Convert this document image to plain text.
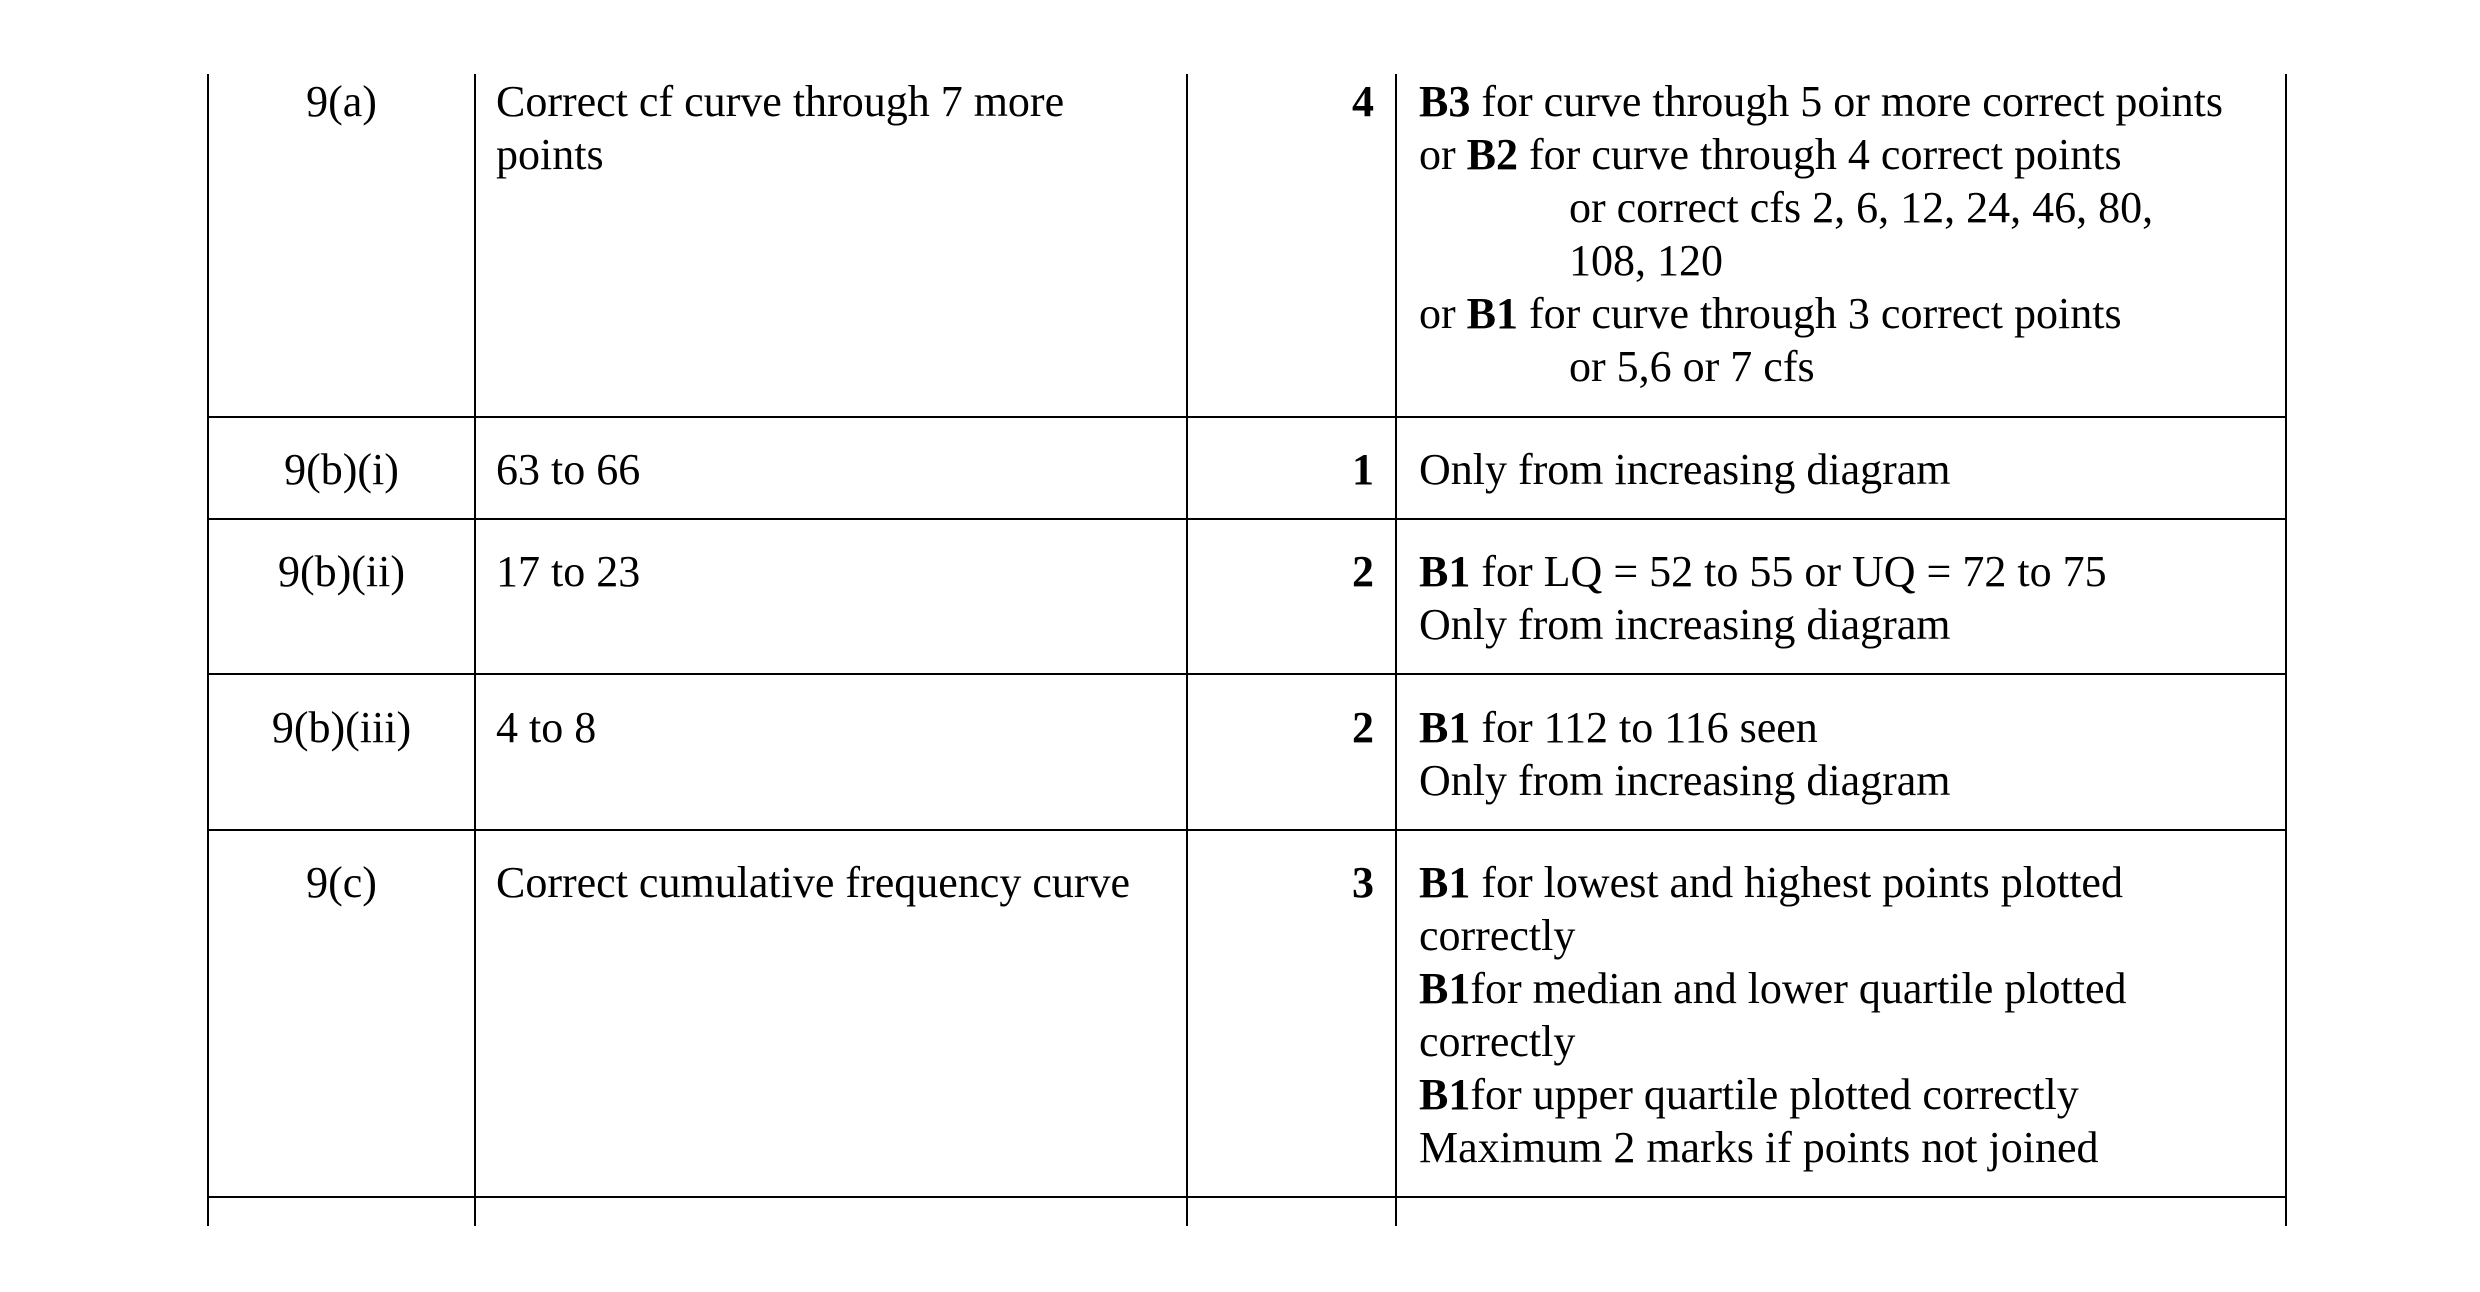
9(a)	Correct cf curve through 7 more
points
4 B3 for curve through 5 or more correct points
or B2 for curve through 4 correct points
or correct cfs 2, 6, 12, 24, 46, 80,
108, 120
or B1 for curve through 3 correct points
or 5,6 or 7 cfs
9(b)(i)	63 to 66	1 Only from increasing diagram
9(b)(ii)	17 to 23	2 B1 for LQ = 52 to 55 or UQ = 72 to 75
Only from increasing diagram
9(b)(iii)	4 to 8	2 B1 for 112 to 116 seen
Only from increasing diagram
9(c)	Correct cumulative frequency curve	3 B1 for lowest and highest points plotted
correctly
B1for median and lower quartile plotted
correctly
B1for upper quartile plotted correctly
Maximum 2 marks if points not joined
